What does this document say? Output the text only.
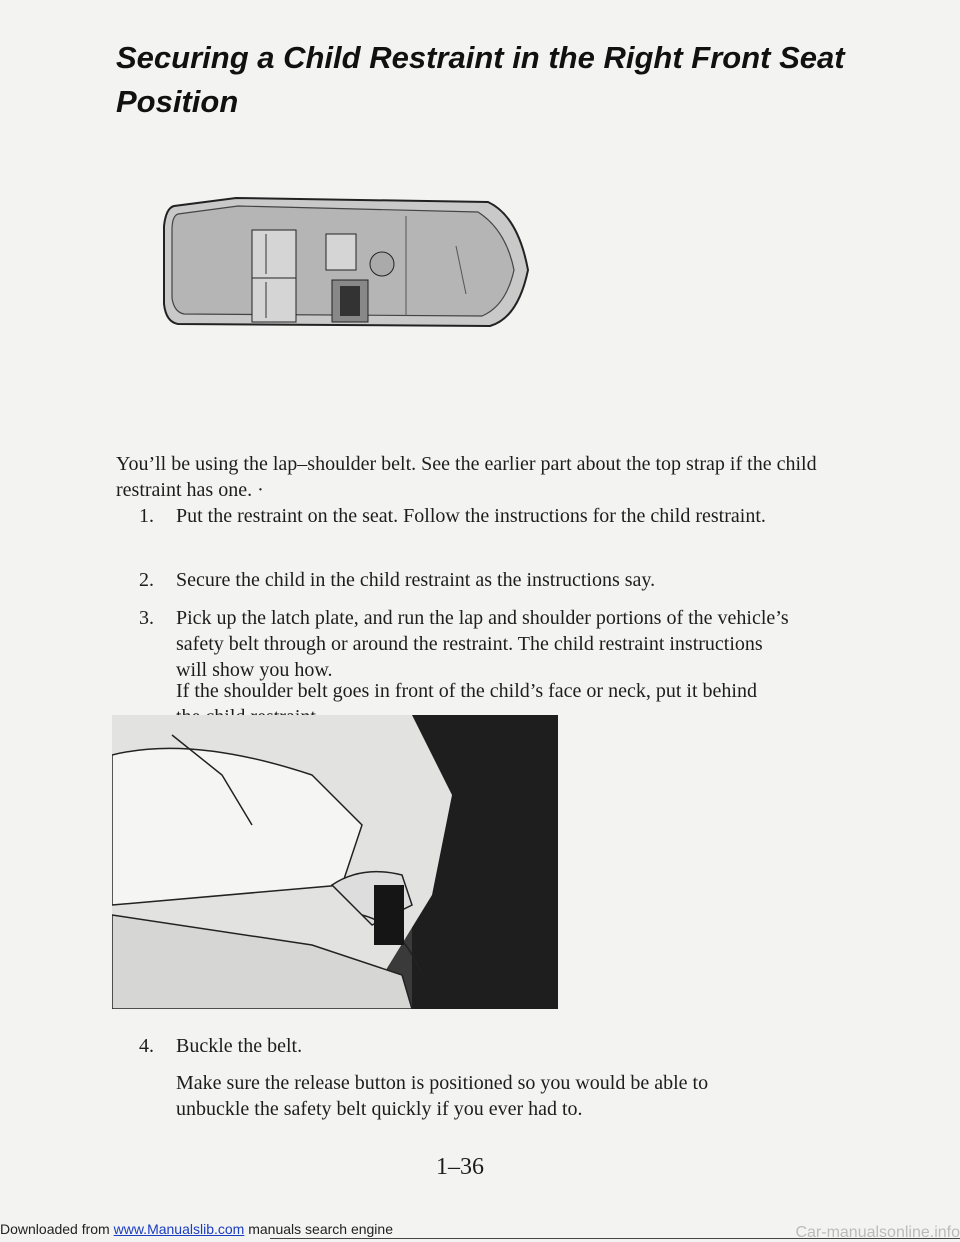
Securing a Child Restraint in the Right Front Seat Position

You’ll be using the lap–shoulder belt. See the earlier part about the top strap if the child restraint has one. ·

1. Put the restraint on the seat. Follow the instructions for the child restraint.
2. Secure the child in the child restraint as the instructions say.
3. Pick up the latch plate, and run the lap and shoulder portions of the vehicle’s safety belt through or around the restraint. The child restraint instructions will show you how.

If the shoulder belt goes in front of the child’s face or neck, put it behind

4. Buckle the belt.

Make sure the release button is positioned so you would be able to unbuckle the safety belt quickly if you ever had to.

1–36
Downloaded from www.Manualslib.com manuals search engine	Car-manualsonline.info
